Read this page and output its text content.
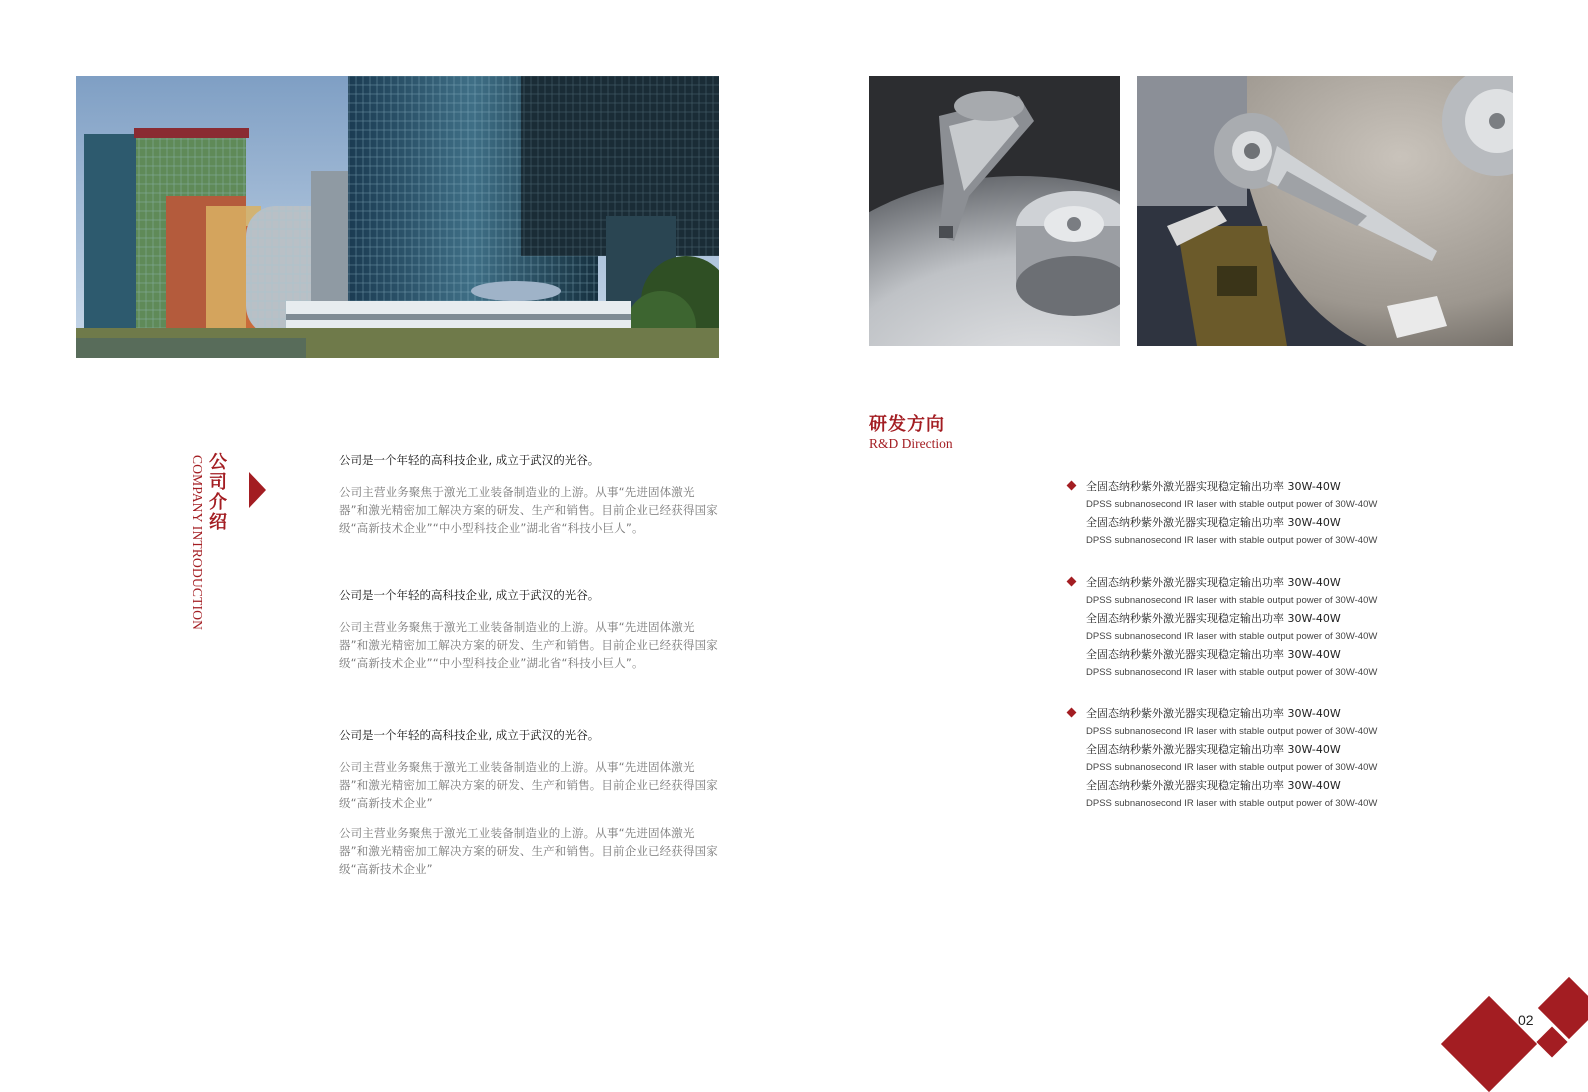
公司介绍
COMPANY INTRODUCTION	公司是一个年轻的高科技企业, 成立于武汉的光谷。

公司主营业务聚焦于激光工业装备制造业的上游。从事“先进固体激光器”和激光精密加工解决方案的研发、生产和销售。目前企业已经获得国家级“高新技术企业”“中小型科技企业”湖北省“科技小巨人”。

公司是一个年轻的高科技企业, 成立于武汉的光谷。

公司主营业务聚焦于激光工业装备制造业的上游。从事“先进固体激光器”和激光精密加工解决方案的研发、生产和销售。目前企业已经获得国家级“高新技术企业”“中小型科技企业”湖北省“科技小巨人”。

公司是一个年轻的高科技企业, 成立于武汉的光谷。

公司主营业务聚焦于激光工业装备制造业的上游。从事“先进固体激光器”和激光精密加工解决方案的研发、生产和销售。目前企业已经获得国家级“高新技术企业”

公司主营业务聚焦于激光工业装备制造业的上游。从事“先进固体激光器”和激光精密加工解决方案的研发、生产和销售。目前企业已经获得国家级“高新技术企业”

研发方向
R&D Direction
全固态纳秒紫外激光器实现稳定输出功率 30W-40W
DPSS subnanosecond IR laser with stable output power of 30W-40W
全固态纳秒紫外激光器实现稳定输出功率 30W-40W
DPSS subnanosecond IR laser with stable output power of 30W-40W
全固态纳秒紫外激光器实现稳定输出功率 30W-40W
DPSS subnanosecond IR laser with stable output power of 30W-40W
全固态纳秒紫外激光器实现稳定输出功率 30W-40W
DPSS subnanosecond IR laser with stable output power of 30W-40W
全固态纳秒紫外激光器实现稳定输出功率 30W-40W
DPSS subnanosecond IR laser with stable output power of 30W-40W
全固态纳秒紫外激光器实现稳定输出功率 30W-40W
DPSS subnanosecond IR laser with stable output power of 30W-40W
全固态纳秒紫外激光器实现稳定输出功率 30W-40W
DPSS subnanosecond IR laser with stable output power of 30W-40W
全固态纳秒紫外激光器实现稳定输出功率 30W-40W
DPSS subnanosecond IR laser with stable output power of 30W-40W
02
